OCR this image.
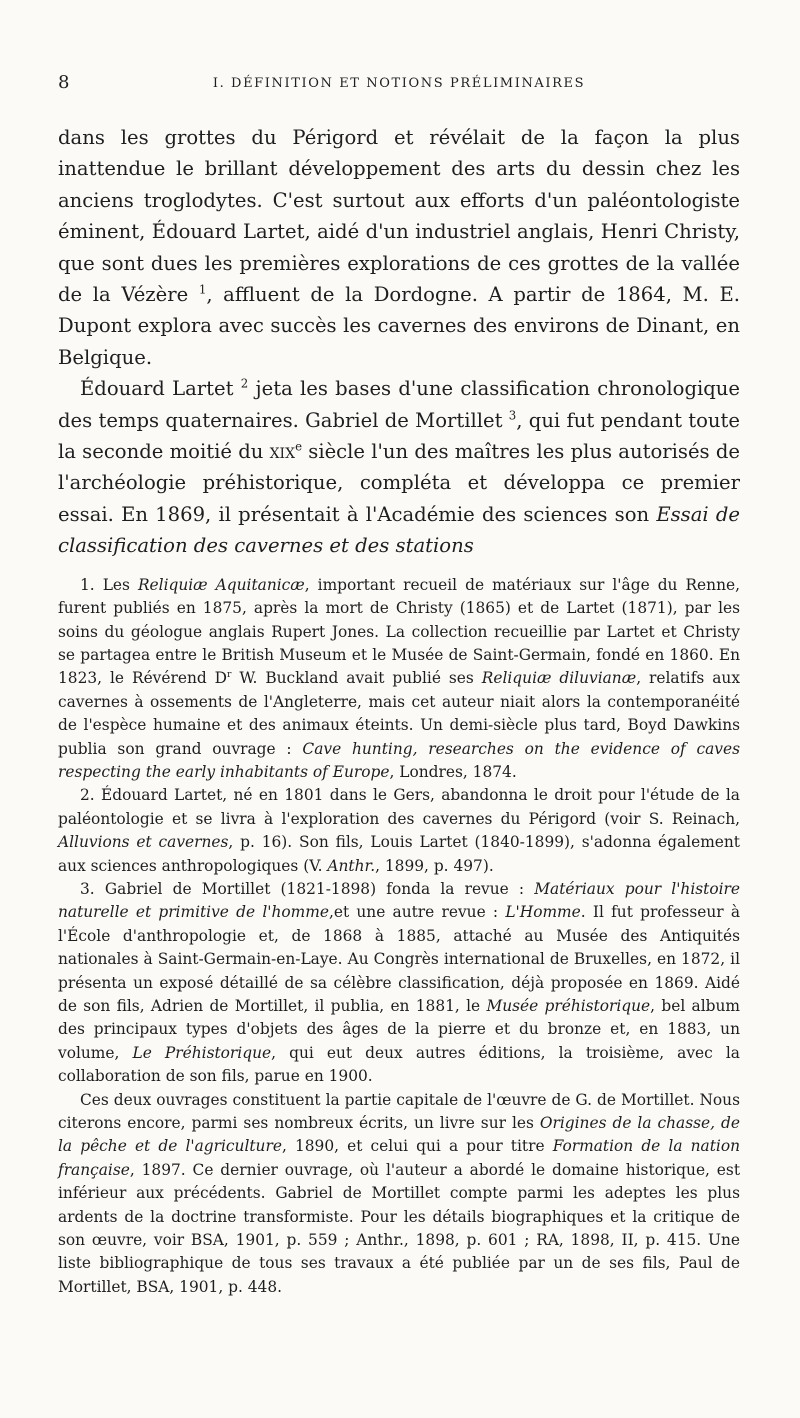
8	I. DÉFINITION ET NOTIONS PRÉLIMINAIRES

dans les grottes du Périgord et révélait de la façon la plus inattendue le brillant développement des arts du dessin chez les anciens troglodytes. C'est surtout aux efforts d'un paléontologiste éminent, Édouard Lartet, aidé d'un industriel anglais, Henri Christy, que sont dues les premières explorations de ces grottes de la vallée de la Vézère $^1$, affluent de la Dordogne. A partir de 1864, M. E. Dupont explora avec succès les cavernes des environs de Dinant, en Belgique.

Édouard Lartet $^2$ jeta les bases d'une classification chronologique des temps quaternaires. Gabriel de Mortillet $^3$, qui fut pendant toute la seconde moitié du xix$^e$ siècle l'un des maîtres les plus autorisés de l'archéologie préhistorique, compléta et développa ce premier essai. En 1869, il présentait à l'Académie des sciences son Essai de classification des cavernes et des stations

1. Les Reliquiæ Aquitanicæ, important recueil de matériaux sur l'âge du Renne, furent publiés en 1875, après la mort de Christy (1865) et de Lartet (1871), par les soins du géologue anglais Rupert Jones. La collection recueillie par Lartet et Christy se partagea entre le British Museum et le Musée de Saint-Germain, fondé en 1860. En 1823, le Révérend $D^r$ W. Buckland avait publié ses Reliquiæ diluvianæ, relatifs aux cavernes à ossements de l'Angleterre, mais cet auteur niait alors la contemporanéité de l'espèce humaine et des animaux éteints. Un demi-siècle plus tard, Boyd Dawkins publia son grand ouvrage : Cave hunting, researches on the evidence of caves respecting the early inhabitants of Europe, Londres, 1874.

2. Édouard Lartet, né en 1801 dans le Gers, abandonna le droit pour l'étude de la paléontologie et se livra à l'exploration des cavernes du Périgord (voir S. Reinach, Alluvions et cavernes, p. 16). Son fils, Louis Lartet (1840-1899), s'adonna également aux sciences anthropologiques (V. Anthr., 1899, p. 497).

3. Gabriel de Mortillet (1821-1898) fonda la revue : Matériaux pour l'histoire naturelle et primitive de l'homme,et une autre revue : L'Homme. Il fut professeur à l'École d'anthropologie et, de 1868 à 1885, attaché au Musée des Antiquités nationales à Saint-Germain-en-Laye. Au Congrès international de Bruxelles, en 1872, il présenta un exposé détaillé de sa célèbre classification, déjà proposée en 1869. Aidé de son fils, Adrien de Mortillet, il publia, en 1881, le Musée préhistorique, bel album des principaux types d'objets des âges de la pierre et du bronze et, en 1883, un volume, Le Préhistorique, qui eut deux autres éditions, la troisième, avec la collaboration de son fils, parue en 1900.

Ces deux ouvrages constituent la partie capitale de l'œuvre de G. de Mortillet. Nous citerons encore, parmi ses nombreux écrits, un livre sur les Origines de la chasse, de la pêche et de l'agriculture, 1890, et celui qui a pour titre Formation de la nation française, 1897. Ce dernier ouvrage, où l'auteur a abordé le domaine historique, est inférieur aux précédents. Gabriel de Mortillet compte parmi les adeptes les plus ardents de la doctrine transformiste. Pour les détails biographiques et la critique de son œuvre, voir BSA, 1901, p. 559 ; Anthr., 1898, p. 601 ; RA, 1898, II, p. 415. Une liste bibliographique de tous ses travaux a été publiée par un de ses fils, Paul de Mortillet, BSA, 1901, p. 448.
